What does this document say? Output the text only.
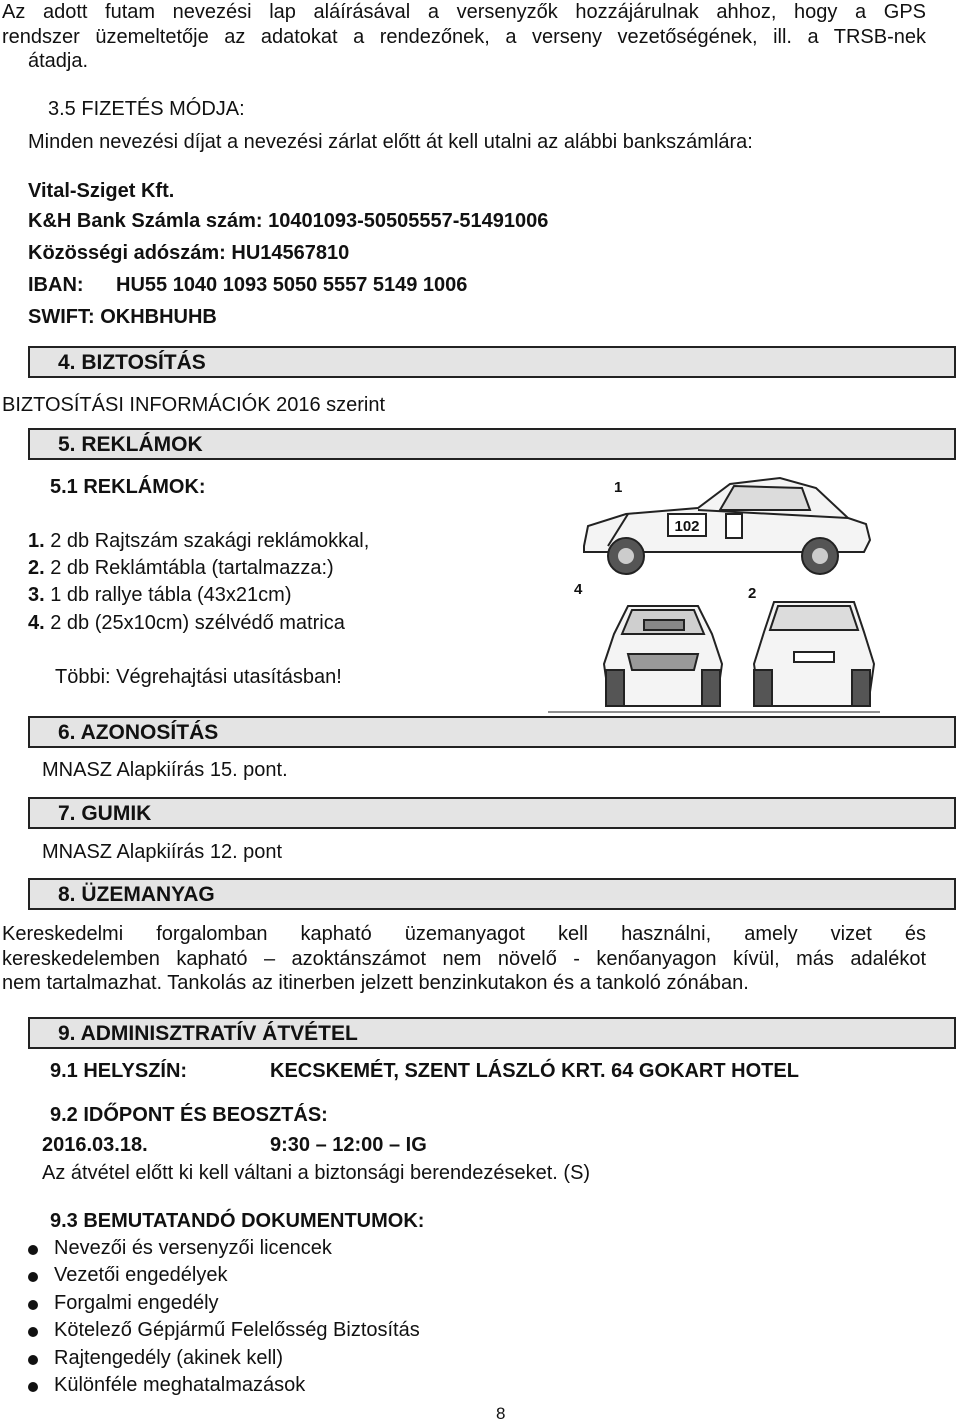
Az adott futam nevezési lap aláírásával a versenyzők hozzájárulnak ahhoz, hogy a GPS
rendszer üzemeltetője az adatokat a rendezőnek, a verseny vezetőségének, ill. a TRSB-nek
átadja.
3.5 FIZETÉS MÓDJA:
Minden nevezési díjat a nevezési zárlat előtt át kell utalni az alábbi bankszámlára:
Vital-Sziget Kft.
K&H Bank Számla szám: 10401093-50505557-51491006
Közösségi adószám: HU14567810
IBAN: HU55 1040 1093 5050 5557 5149 1006
SWIFT: OKHBHUHB
4. BIZTOSÍTÁS
BIZTOSÍTÁSI INFORMÁCIÓK 2016 szerint
5. REKLÁMOK
5.1 REKLÁMOK:
1. 2 db Rajtszám szakági reklámokkal,
2. 2 db Reklámtábla (tartalmazza:)
3. 1 db rallye tábla (43x21cm)
4. 2 db (25x10cm) szélvédő matrica
Többi: Végrehajtási utasításban!
102
1
4	2
6. AZONOSÍTÁS
MNASZ Alapkiírás 15. pont.
7. GUMIK
MNASZ Alapkiírás 12. pont
8. ÜZEMANYAG
Kereskedelmi forgalomban kapható üzemanyagot kell használni, amely vizet és
kereskedelemben kapható – azoktánszámot nem növelő - kenőanyagon kívül, más adalékot
nem tartalmazhat. Tankolás az itinerben jelzett benzinkutakon és a tankoló zónában.
9. ADMINISZTRATÍV ÁTVÉTEL
9.1 HELYSZÍN:	KECSKEMÉT, SZENT LÁSZLÓ KRT. 64 GOKART HOTEL
9.2 IDŐPONT ÉS BEOSZTÁS:
2016.03.18.	9:30 – 12:00 – IG
Az átvétel előtt ki kell váltani a biztonsági berendezéseket. (S)
9.3 BEMUTATANDÓ DOKUMENTUMOK:
Nevezői és versenyzői licencek
Vezetői engedélyek
Forgalmi engedély
Kötelező Gépjármű Felelősség Biztosítás
Rajtengedély (akinek kell)
Különféle meghatalmazások
8
